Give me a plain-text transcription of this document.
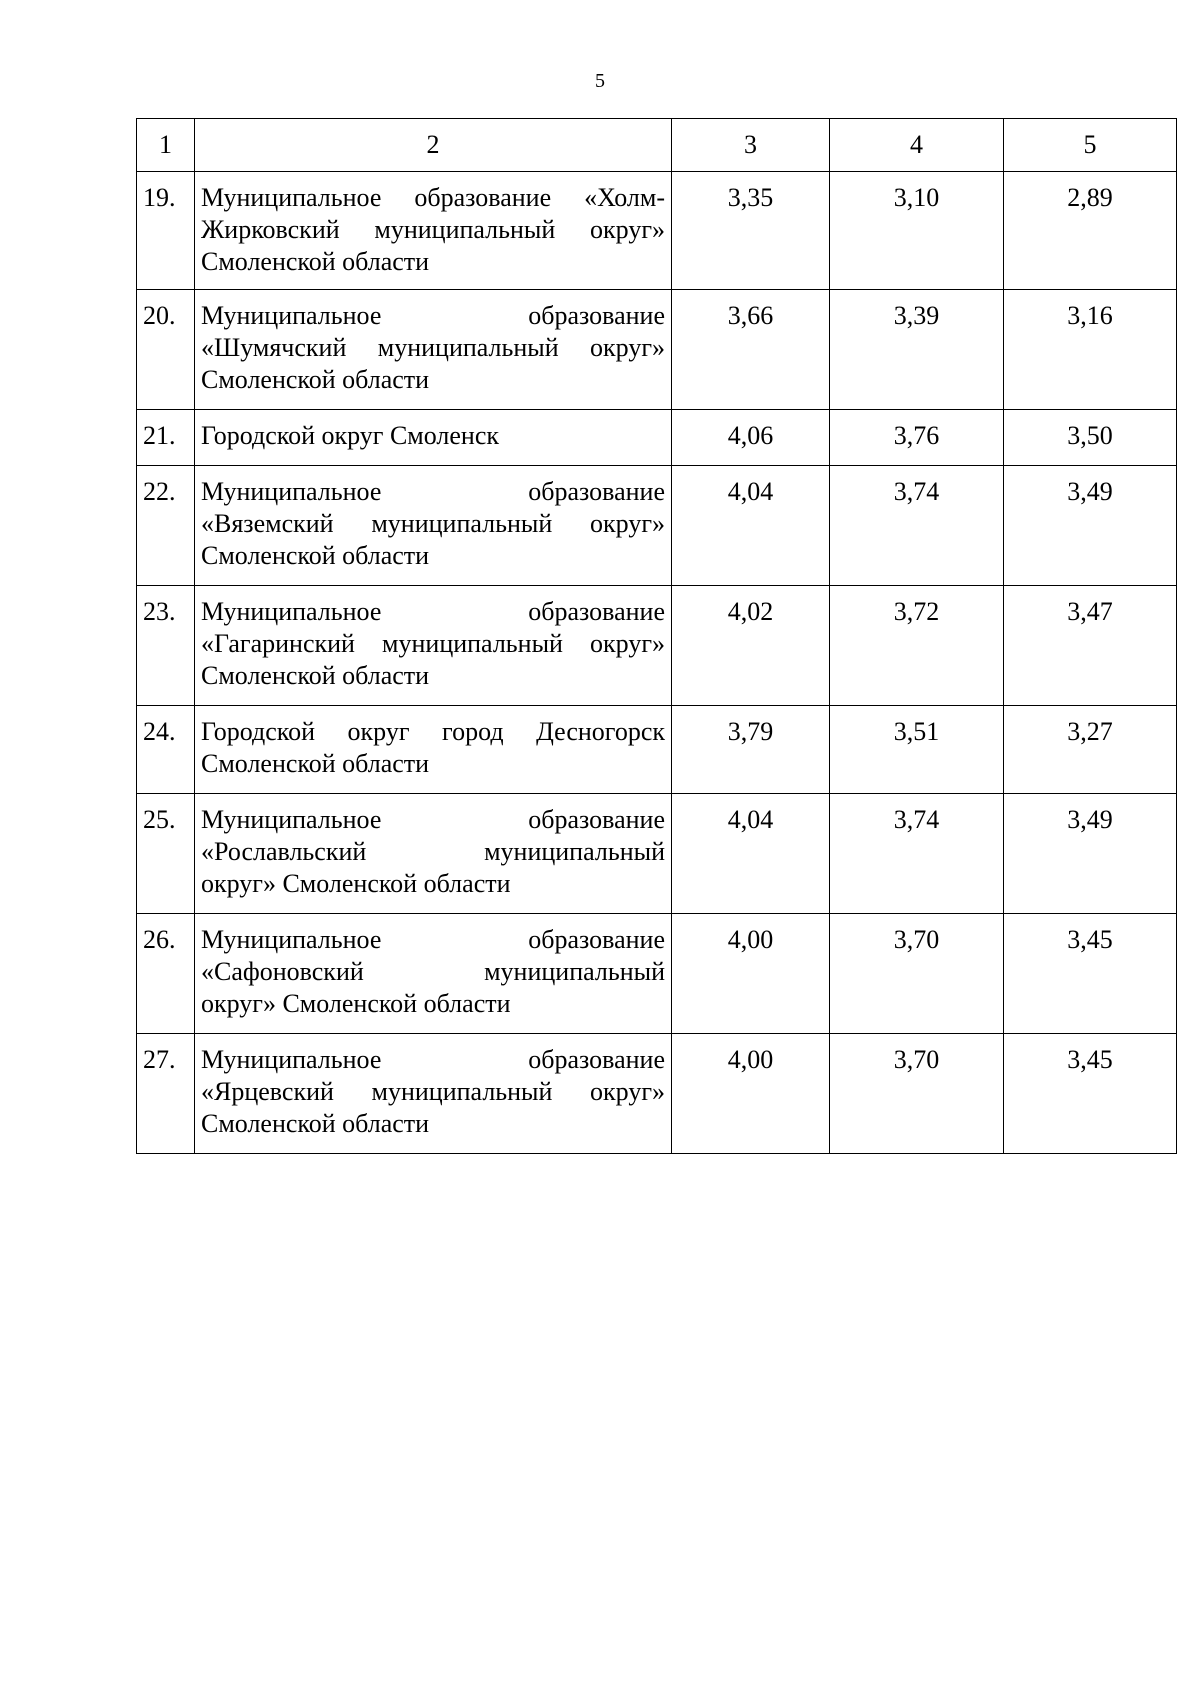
5
1	2	3	4	5
19.	Муниципальное образование «Холм-
Жирковский муниципальный округ»
Смоленской области	3,35	3,10	2,89
20.	Муниципальное образование
«Шумячский муниципальный округ»
Смоленской области	3,66	3,39	3,16
21.	Городской округ Смоленск	4,06	3,76	3,50
22.	Муниципальное образование
«Вяземский муниципальный округ»
Смоленской области	4,04	3,74	3,49
23.	Муниципальное образование
«Гагаринский муниципальный округ»
Смоленской области	4,02	3,72	3,47
24.	Городской округ город Десногорск
Смоленской области	3,79	3,51	3,27
25.	Муниципальное образование
«Рославльский муниципальный
округ» Смоленской области	4,04	3,74	3,49
26.	Муниципальное образование
«Сафоновский муниципальный
округ» Смоленской области	4,00	3,70	3,45
27.	Муниципальное образование
«Ярцевский муниципальный округ»
Смоленской области	4,00	3,70	3,45
